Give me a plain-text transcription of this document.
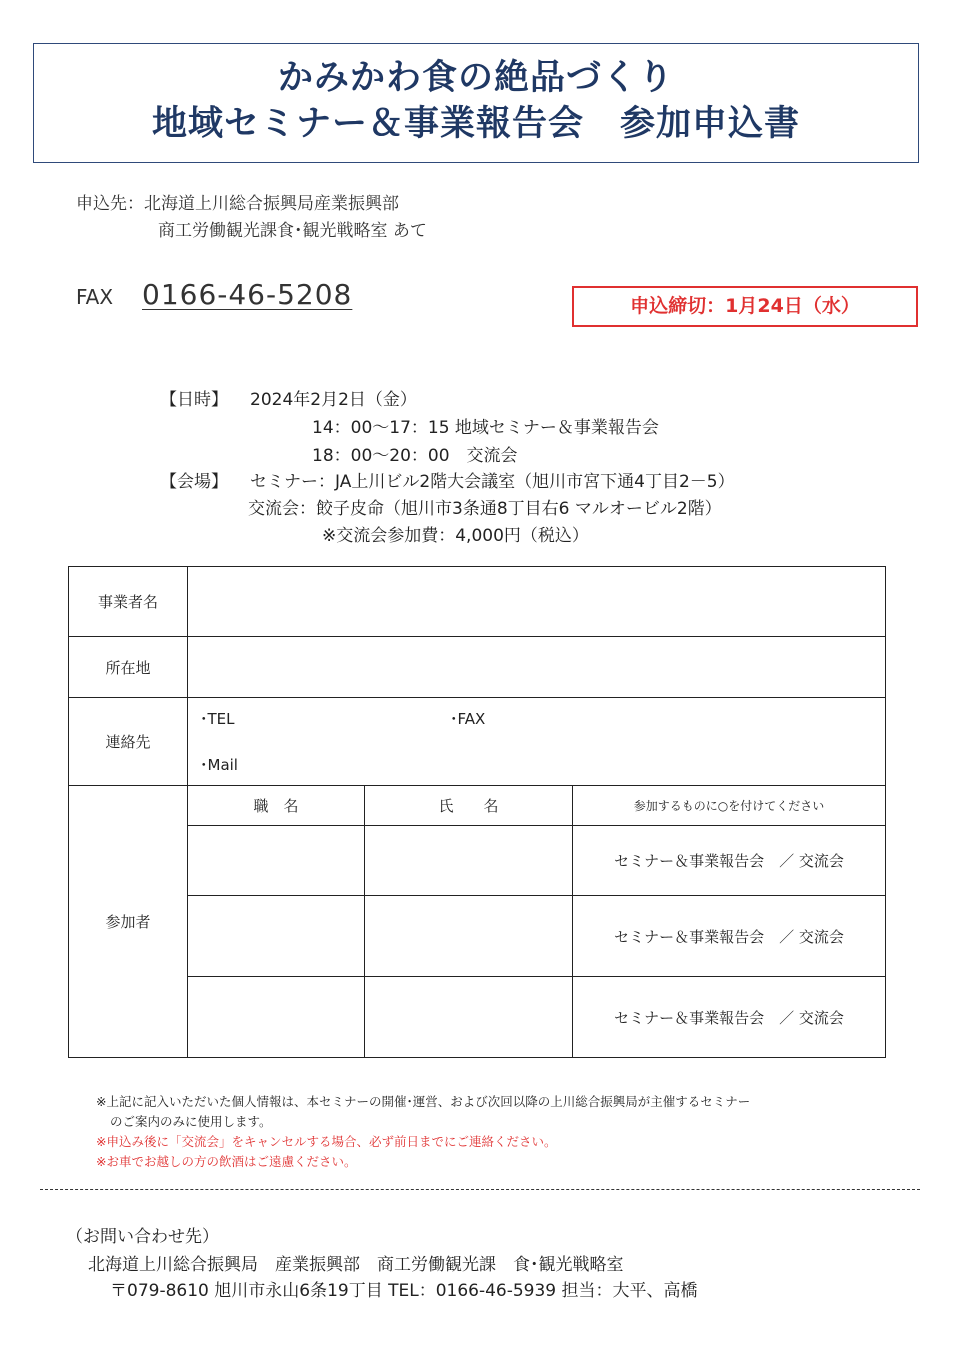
かみかわ食の絶品づくり
地域セミナー＆事業報告会　参加申込書
申込先：北海道上川総合振興局産業振興部
商工労働観光課食･観光戦略室 あて
FAX 0166-46-5208	申込締切：1月24日（水）
【日時】 2024年2月2日（金）
14：00～17：15 地域セミナー＆事業報告会
18：00～20：00　交流会
【会場】 セミナー：JA上川ビル2階大会議室（旭川市宮下通4丁目2－5）
交流会：餃子皮命（旭川市3条通8丁目右6 マルオービル2階）
※交流会参加費：4,000円（税込）
事業者名			
所在地			
連絡先	･TEL ･FAX
･Mail		

参加者	職　名	氏　　名	参加するものに○を付けてください
			セミナー＆事業報告会　／ 交流会
			セミナー＆事業報告会　／ 交流会
			セミナー＆事業報告会　／ 交流会
※上記に記入いただいた個人情報は、本セミナーの開催･運営、および次回以降の上川総合振興局が主催するセミナー
のご案内のみに使用します。
※申込み後に「交流会」をキャンセルする場合、必ず前日までにご連絡ください。
※お車でお越しの方の飲酒はご遠慮ください。
（お問い合わせ先）
北海道上川総合振興局　産業振興部　商工労働観光課　食･観光戦略室
〒079-8610 旭川市永山6条19丁目 TEL：0166-46-5939 担当：大平、高橋
